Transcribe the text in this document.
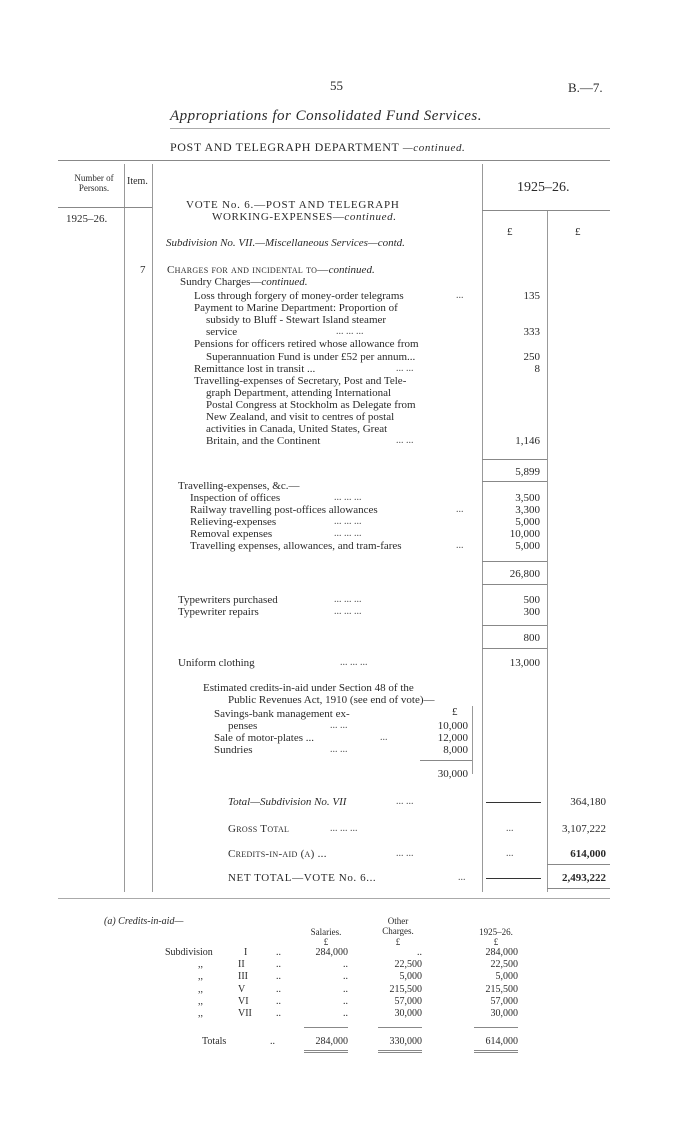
55	B.—7.
Appropriations for Consolidated Fund Services.
POST AND TELEGRAPH DEPARTMENT —continued.
Number of Persons.
Item.
1925–26.
1925–26.
£	£
VOTE No. 6.—POST AND TELEGRAPH
WORKING-EXPENSES—continued.
Subdivision No. VII.—Miscellaneous Services—contd.
7 Charges for and incidental to—continued.
Sundry Charges—continued.
Loss through forgery of money-order telegrams	...	135
Payment to Marine Department: Proportion of
subsidy to Bluff - Stewart Island steamer
service	... ... ...	333
Pensions for officers retired whose allowance from
Superannuation Fund is under £52 per annum...	250
Remittance lost in transit ...	... ...	8
Travelling-expenses of Secretary, Post and Tele-
graph Department, attending International
Postal Congress at Stockholm as Delegate from
New Zealand, and visit to centres of postal
activities in Canada, United States, Great
Britain, and the Continent	... ...	1,146
5,899
Travelling-expenses, &c.—
Inspection of offices	... ... ...	3,500
Railway travelling post-offices allowances	...	3,300
Relieving-expenses	... ... ...	5,000
Removal expenses	... ... ...	10,000
Travelling expenses, allowances, and tram-fares	...	5,000
26,800
Typewriters purchased	... ... ...	500
Typewriter repairs	... ... ...	300
800
Uniform clothing	... ... ...	13,000
Estimated credits-in-aid under Section 48 of the
Public Revenues Act, 1910 (see end of vote)—
£
Savings-bank management ex-
penses	... ...	10,000
Sale of motor-plates ...	...	12,000
Sundries	... ...	8,000
30,000
Total—Subdivision No. VII	... ...	364,180
Gross Total	... ... ...	...	3,107,222
Credits-in-aid (a) ...	... ...	...	614,000
NET TOTAL—VOTE No. 6...	...	2,493,222
(a) Credits-in-aid—
Salaries.
Other Charges.	1925–26.
£	£	£
Subdivision	I	..	284,000	..	284,000
,,	II	..	..	22,500	22,500
,,	III	..	..	5,000	5,000
,,	V	..	..	215,500	215,500
,,	VI	..	..	57,000	57,000
,,	VII ..	..	30,000	30,000
Totals	..	284,000	330,000	614,000
